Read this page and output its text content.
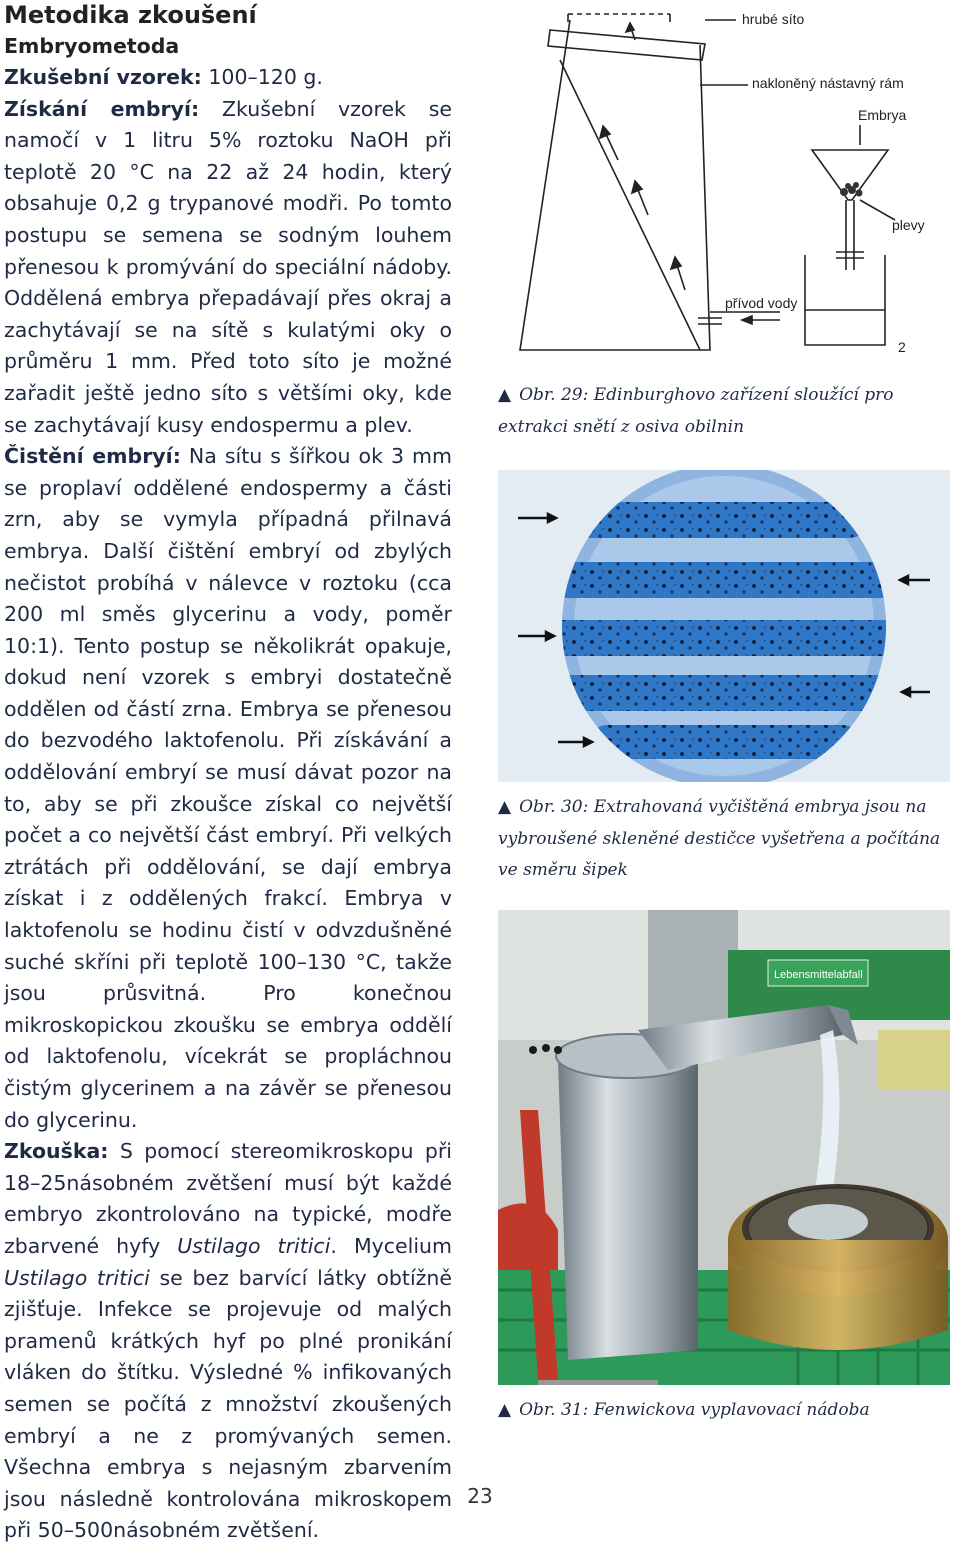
Metodika zkoušení
Embryometoda

Zkušební vzorek: 100–120 g.

Získání embryí: Zkušební vzorek se namočí v 1 litru 5% roztoku NaOH při teplotě 20 °C na 22 až 24 hodin, který obsahuje 0,2 g trypanové modři. Po tomto postupu se semena se sodným louhem přenesou k promývání do speciální nádoby. Oddělená embrya přepadávají přes okraj a zachytávají se na sítě s kulatými oky o průměru 1 mm. Před toto síto je možné zařadit ještě jedno síto s většími oky, kde se zachytávají kusy endospermu a plev.

Čistění embryí: Na sítu s šířkou ok 3 mm se proplaví oddělené endospermy a části zrn, aby se vymyla případná přilnavá embrya. Další čištění embryí od zbylých nečistot probíhá v nálevce v roztoku (cca 200 ml směs glycerinu a vody, poměr 10:1). Tento postup se několikrát opakuje, dokud není vzorek s embryi dostatečně oddělen od částí zrna. Embrya se přenesou do bezvodého laktofenolu. Při získávání a oddělování embryí se musí dávat pozor na to, aby se při zkoušce získal co největší počet a co největší část embryí. Při velkých ztrátách při oddělování, se dají embrya získat i z oddělených frakcí. Embrya v laktofenolu se hodinu čistí v odvzdušněné suché skříni při teplotě 100–130 °C, takže jsou průsvitná. Pro konečnou mikroskopickou zkoušku se embrya oddělí od laktofenolu, vícekrát se propláchnou čistým glycerinem a na závěr se přenesou do glycerinu.

Zkouška: S pomocí stereomikroskopu při 18–25násobném zvětšení musí být každé embryo zkontrolováno na typické, modře zbarvené hyfy Ustilago tritici. Mycelium Ustilago tritici se bez barvící látky obtížně zjišťuje. Infekce se projevuje od malých pramenů krátkých hyf po plné pronikání vláken do štítku. Výsledné % infikovaných semen se počítá z množství zkoušených embryí a ne z promývaných semen. Všechna embrya s nejasným zbarvením jsou následně kontrolována mikroskopem při 50–500násobném zvětšení.

hrubé síto
nakloněný nástavný rám
Embrya
plevy
přívod vody
2
▲ Obr. 29: Edinburghovo zařízení sloužící pro extrakci snětí z osiva obilnin
▲ Obr. 30: Extrahovaná vyčištěná embrya jsou na vybroušené skleněné destičce vyšetřena a počítána ve směru šipek
Lebensmittelabfall
▲ Obr. 31: Fenwickova vyplavovací nádoba
23
